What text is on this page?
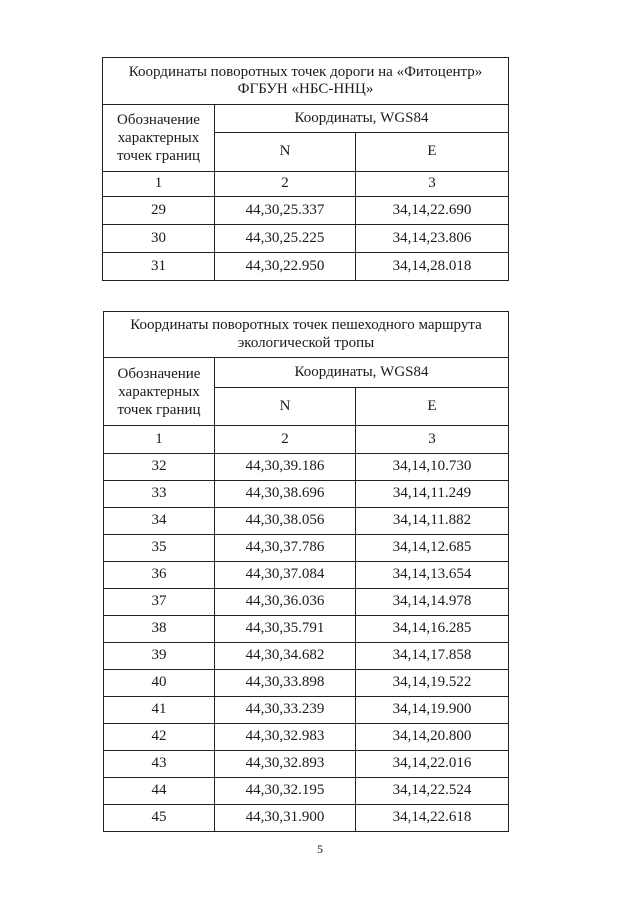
Координаты поворотных точек дороги на «Фитоцентр»
ФГБУН «НБС-ННЦ»		

Обозначение
характерных
точек границ	Координаты, WGS84	
	N	E
1	2	3
29	44,30,25.337	34,14,22.690
30	44,30,25.225	34,14,23.806
31	44,30,22.950	34,14,28.018
Координаты поворотных точек пешеходного маршрута
экологической тропы		

Обозначение
характерных
точек границ	Координаты, WGS84	
	N	E
1	2	3
32	44,30,39.186	34,14,10.730
33	44,30,38.696	34,14,11.249
34	44,30,38.056	34,14,11.882
35	44,30,37.786	34,14,12.685
36	44,30,37.084	34,14,13.654
37	44,30,36.036	34,14,14.978
38	44,30,35.791	34,14,16.285
39	44,30,34.682	34,14,17.858
40	44,30,33.898	34,14,19.522
41	44,30,33.239	34,14,19.900
42	44,30,32.983	34,14,20.800
43	44,30,32.893	34,14,22.016
44	44,30,32.195	34,14,22.524
45	44,30,31.900	34,14,22.618
5
